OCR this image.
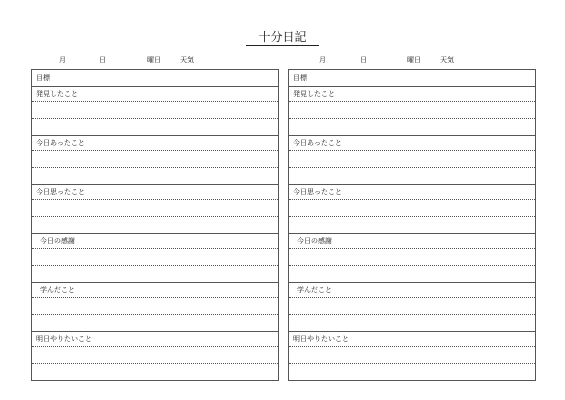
十分日記
月	日	曜日	天気	月	日	曜日	天気
目標
発見したこと
今日あったこと
今日思ったこと
今日の感謝
学んだこと
明日やりたいこと
目標
発見したこと
今日あったこと
今日思ったこと
今日の感謝
学んだこと
明日やりたいこと
